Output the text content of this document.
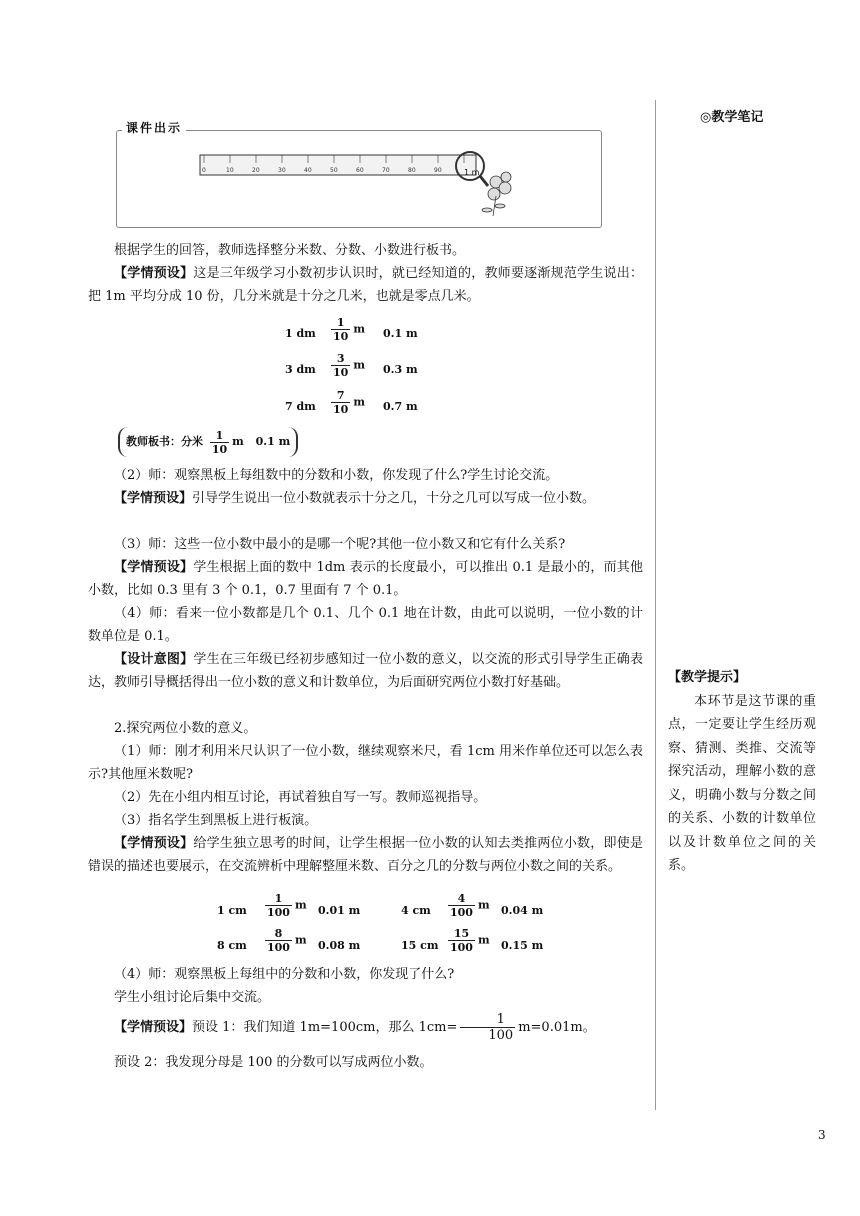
◎教学笔记
课件出示
0	10	20	30	40	50	60	70	80	90	1 m

根据学生的回答，教师选择整分米数、分数、小数进行板书。

【学情预设】这是三年级学习小数初步认识时，就已经知道的，教师要逐渐规范学生说出：把 1m 平均分成 10 份，几分米就是十分之几米，也就是零点几米。

1 dm $\frac{1}{10}$ m 0.1 m
3 dm $\frac{3}{10}$ m 0.3 m
7 dm $\frac{7}{10}$ m 0.7 m
教师板书：分米 $\frac{1}{10}$ m 0.1 m

（2）师：观察黑板上每组数中的分数和小数，你发现了什么?学生讨论交流。

【学情预设】引导学生说出一位小数就表示十分之几，十分之几可以写成一位小数。

（3）师：这些一位小数中最小的是哪一个呢?其他一位小数又和它有什么关系?

【学情预设】学生根据上面的数中 1dm 表示的长度最小，可以推出 0.1 是最小的，而其他小数，比如 0.3 里有 3 个 0.1，0.7 里面有 7 个 0.1。

（4）师：看来一位小数都是几个 0.1、几个 0.1 地在计数，由此可以说明，一位小数的计数单位是 0.1。

【设计意图】学生在三年级已经初步感知过一位小数的意义，以交流的形式引导学生正确表达，教师引导概括得出一位小数的意义和计数单位，为后面研究两位小数打好基础。

2.探究两位小数的意义。

（1）师：刚才利用米尺认识了一位小数，继续观察米尺，看 1cm 用米作单位还可以怎么表示?其他厘米数呢?

（2）先在小组内相互讨论，再试着独自写一写。教师巡视指导。

（3）指名学生到黑板上进行板演。

【学情预设】给学生独立思考的时间，让学生根据一位小数的认知去类推两位小数，即使是错误的描述也要展示，在交流辨析中理解整厘米数、百分之几的分数与两位小数之间的关系。

1 cm $\frac{1}{100}$ m 0.01 m	4 cm $\frac{4}{100}$ m 0.04 m
8 cm $\frac{8}{100}$ m 0.08 m	15 cm $\frac{15}{100}$ m 0.15 m

（4）师：观察黑板上每组中的分数和小数，你发现了什么?

学生小组讨论后集中交流。

【学情预设】预设 1：我们知道 1m=100cm，那么 $1cm= \frac{1}{100} m=0.01m$。

预设 2：我发现分母是 100 的分数可以写成两位小数。

【教学提示】

本环节是这节课的重点，一定要让学生经历观察、猜测、类推、交流等探究活动，理解小数的意义，明确小数与分数之间的关系、小数的计数单位以及计数单位之间的关系。

3
